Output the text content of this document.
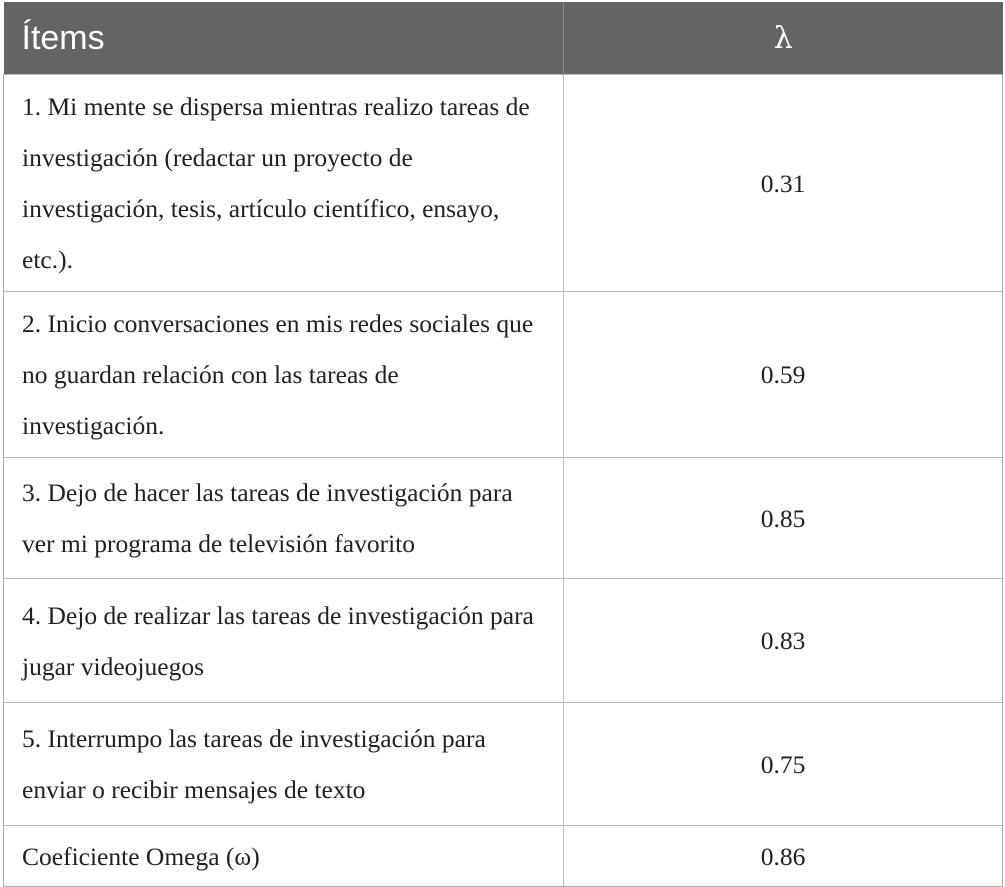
Ítems	λ
1. Mi mente se dispersa mientras realizo tareas de investigación (redactar un proyecto de investigación, tesis, artículo científico, ensayo, etc.).	0.31
2. Inicio conversaciones en mis redes sociales que no guardan relación con las tareas de investigación.	0.59
3. Dejo de hacer las tareas de investigación para ver mi programa de televisión favorito	0.85
4. Dejo de realizar las tareas de investigación para jugar videojuegos	0.83
5. Interrumpo las tareas de investigación para enviar o recibir mensajes de texto	0.75
Coeficiente Omega (ω)	0.86
